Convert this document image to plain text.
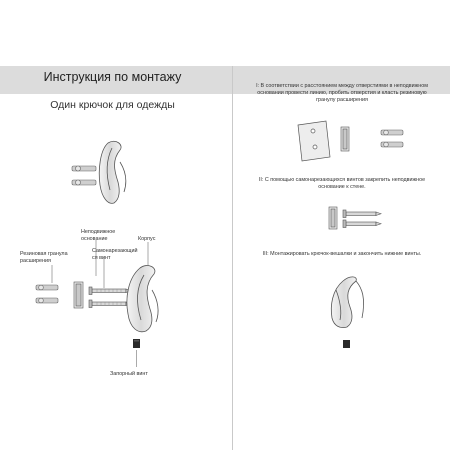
Инструкция по монтажу
Один крючок для одежды
Неподвижное основание	Корпус
Резиновая гранула расширения
Самонарезающий ся винт
Запорный винт
I: В соответствии с расстоянием между отверстиями в неподвижном основании провести линию, пробить отверстия и класть резиновую гранулу расширения
II: С помощью самонарезающихся винтов закрепить неподвижное основание к стене.
III: Монтажировать крючок-вешалки и закончить нижние винты.
